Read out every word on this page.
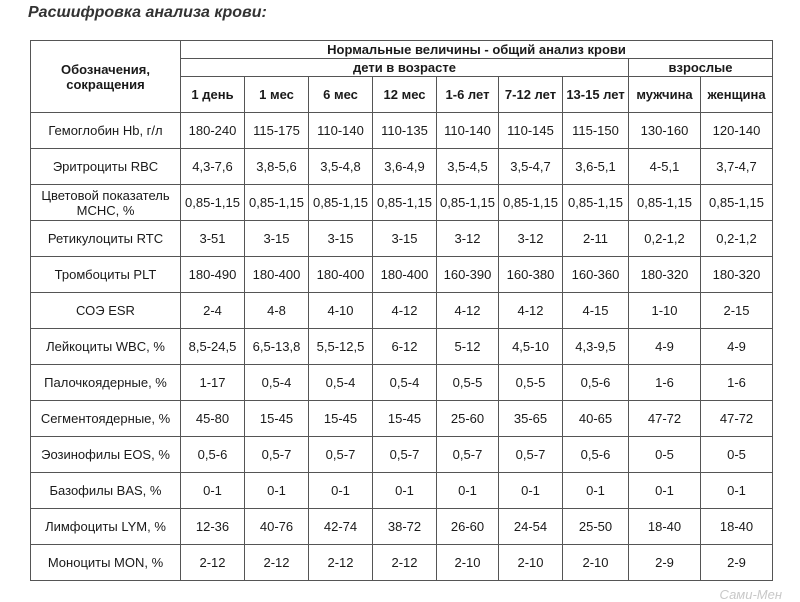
Расшифровка анализа крови:
Обозначения, сокращения	Нормальные величины - общий анализ крови								
	дети в возрасте							взрослые	
	1 день	1 мес	6 мес	12 мес	1-6 лет	7-12 лет	13-15 лет	мужчина	женщина
Гемоглобин Hb, г/л	180-240	115-175	110-140	110-135	110-140	110-145	115-150	130-160	120-140
Эритроциты RBC	4,3-7,6	3,8-5,6	3,5-4,8	3,6-4,9	3,5-4,5	3,5-4,7	3,6-5,1	4-5,1	3,7-4,7
Цветовой показатель MCHC, %	0,85-1,15	0,85-1,15	0,85-1,15	0,85-1,15	0,85-1,15	0,85-1,15	0,85-1,15	0,85-1,15	0,85-1,15
Ретикулоциты RTC	3-51	3-15	3-15	3-15	3-12	3-12	2-11	0,2-1,2	0,2-1,2
Тромбоциты PLT	180-490	180-400	180-400	180-400	160-390	160-380	160-360	180-320	180-320
СОЭ ESR	2-4	4-8	4-10	4-12	4-12	4-12	4-15	1-10	2-15
Лейкоциты WBC, %	8,5-24,5	6,5-13,8	5,5-12,5	6-12	5-12	4,5-10	4,3-9,5	4-9	4-9
Палочкоядерные, %	1-17	0,5-4	0,5-4	0,5-4	0,5-5	0,5-5	0,5-6	1-6	1-6
Сегментоядерные, %	45-80	15-45	15-45	15-45	25-60	35-65	40-65	47-72	47-72
Эозинофилы EOS, %	0,5-6	0,5-7	0,5-7	0,5-7	0,5-7	0,5-7	0,5-6	0-5	0-5
Базофилы BAS, %	0-1	0-1	0-1	0-1	0-1	0-1	0-1	0-1	0-1
Лимфоциты LYM, %	12-36	40-76	42-74	38-72	26-60	24-54	25-50	18-40	18-40
Моноциты MON, %	2-12	2-12	2-12	2-12	2-10	2-10	2-10	2-9	2-9
Сами-Мен
